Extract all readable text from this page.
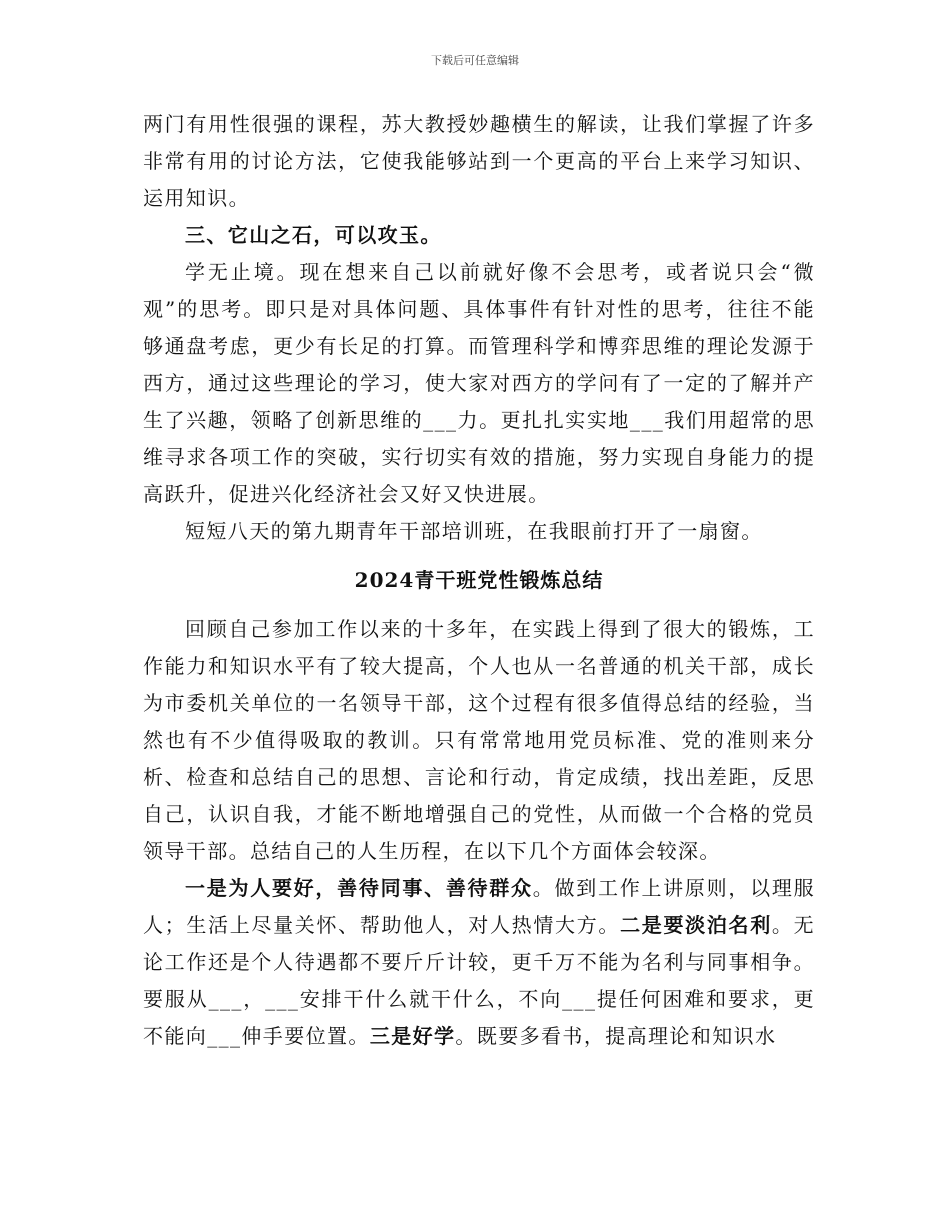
下载后可任意编辑

两门有用性很强的课程，苏大教授妙趣横生的解读，让我们掌握了许多非常有用的讨论方法，它使我能够站到一个更高的平台上来学习知识、运用知识。

三、它山之石，可以攻玉。

学无止境。现在想来自己以前就好像不会思考，或者说只会“微观”的思考。即只是对具体问题、具体事件有针对性的思考，往往不能够通盘考虑，更少有长足的打算。而管理科学和博弈思维的理论发源于西方，通过这些理论的学习，使大家对西方的学问有了一定的了解并产生了兴趣，领略了创新思维的___力。更扎扎实实地___我们用超常的思维寻求各项工作的突破，实行切实有效的措施，努力实现自身能力的提高跃升，促进兴化经济社会又好又快进展。

短短八天的第九期青年干部培训班，在我眼前打开了一扇窗。

2024青干班党性锻炼总结

回顾自己参加工作以来的十多年，在实践上得到了很大的锻炼，工作能力和知识水平有了较大提高，个人也从一名普通的机关干部，成长为市委机关单位的一名领导干部，这个过程有很多值得总结的经验，当然也有不少值得吸取的教训。只有常常地用党员标准、党的准则来分析、检查和总结自己的思想、言论和行动，肯定成绩，找出差距，反思自己，认识自我，才能不断地增强自己的党性，从而做一个合格的党员领导干部。总结自己的人生历程，在以下几个方面体会较深。

一是为人要好，善待同事、善待群众。做到工作上讲原则，以理服人；生活上尽量关怀、帮助他人，对人热情大方。二是要淡泊名利。无论工作还是个人待遇都不要斤斤计较，更千万不能为名利与同事相争。要服从___，___安排干什么就干什么，不向___提任何困难和要求，更不能向___伸手要位置。三是好学。既要多看书，提高理论和知识水
